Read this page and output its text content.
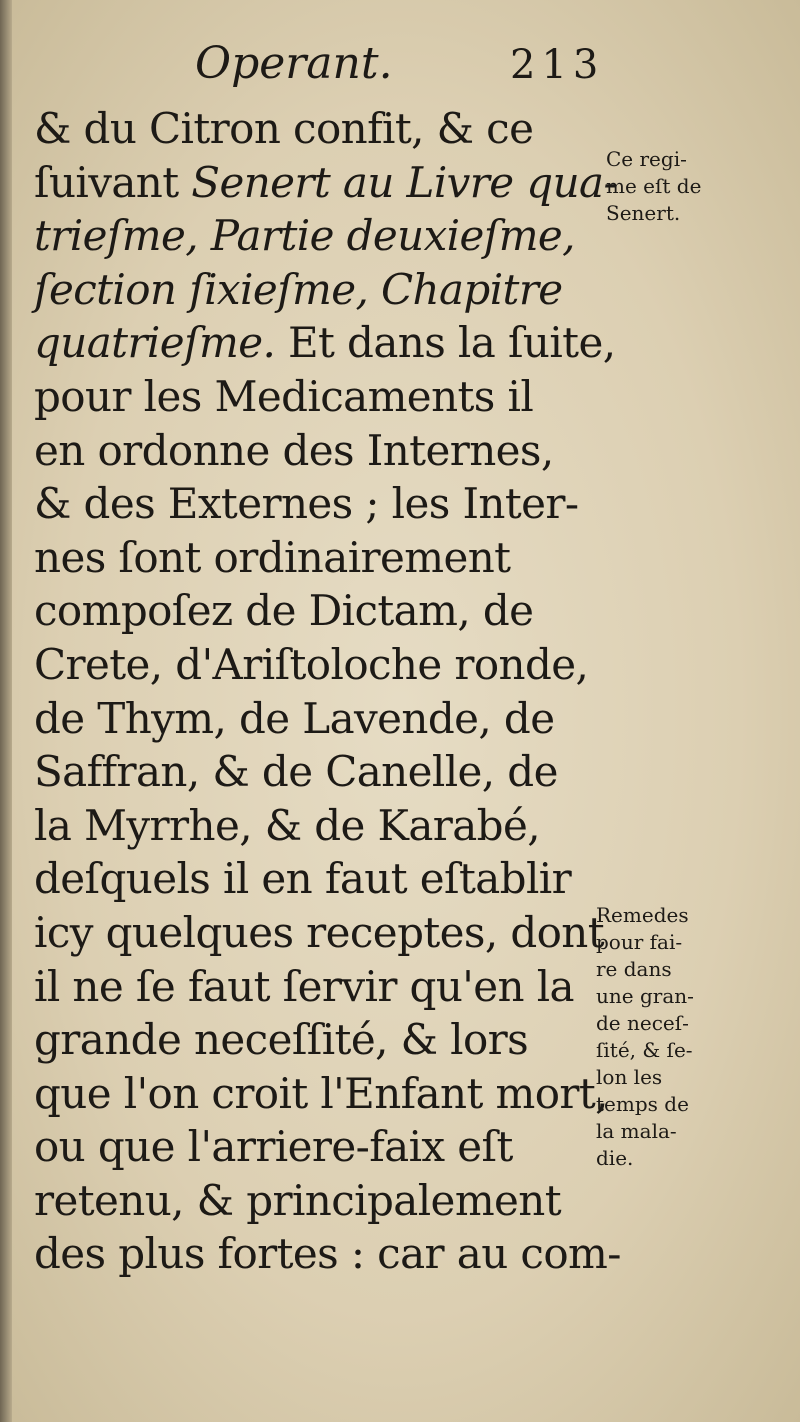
Operant.	213
& du Citron confit, & ce
ſuivant Senert au Livre qua-
trieſme, Partie deuxieſme,
ſection ſixieſme, Chapitre
quatrieſme. Et dans la ſuite,
pour les Medicaments il
en ordonne des Internes,
& des Externes ; les Inter-
nes ſont ordinairement
compoſez de Dictam, de
Crete, d'Ariſtoloche ronde,
de Thym, de Lavende, de
Saffran, & de Canelle, de
la Myrrhe, & de Karabé,
deſquels il en faut eſtablir
icy quelques receptes, dont
il ne ſe faut ſervir qu'en la
grande neceſſité, & lors
que l'on croit l'Enfant mort,
ou que l'arriere-faix eſt
retenu, & principalement
des plus fortes : car au com-
Ce regi-
me eſt de
Senert.
Remedes
pour fai-
re dans
une gran-
de neceſ-
ſité, & ſe-
lon les
temps de
la mala-
die.
